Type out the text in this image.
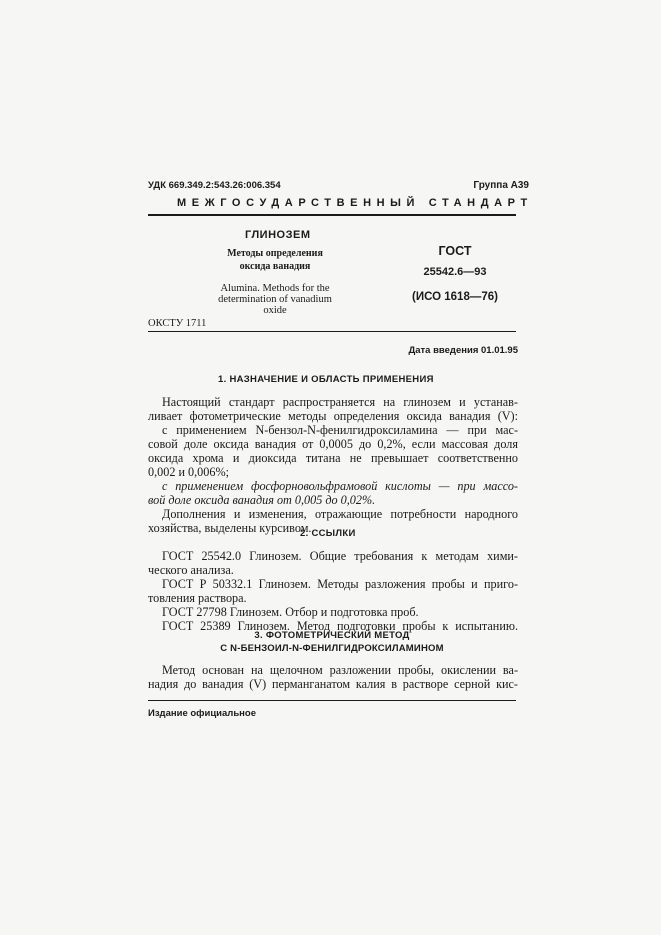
УДК 669.349.2:543.26:006.354	Группа А39
МЕЖГОСУДАРСТВЕННЫЙ СТАНДАРТ
ГЛИНОЗЕМ
Методы определения
оксида ванадия
Alumina. Methods for the
determination of vanadium
oxide
ГОСТ
25542.6—93
(ИСО 1618—76)
ОКСТУ 1711
Дата введения 01.01.95
1. НАЗНАЧЕНИЕ И ОБЛАСТЬ ПРИМЕНЕНИЯ
Настоящий стандарт распространяется на глинозем и устанав-
ливает фотометрические методы определения оксида ванадия (V):
с применением N-бензол-N-фенилгидроксиламина — при мас-
совой доле оксида ванадия от 0,0005 до 0,2%, если массовая доля
оксида хрома и диоксида титана не превышает соответственно
0,002 и 0,006%;
с применением фосфорновольфрамовой кислоты — при массо-
вой доле оксида ванадия от 0,005 до 0,02%.
Дополнения и изменения, отражающие потребности народного
хозяйства, выделены курсивом.
2. ССЫЛКИ
ГОСТ 25542.0 Глинозем. Общие требования к методам хими-
ческого анализа.
ГОСТ Р 50332.1 Глинозем. Методы разложения пробы и приго-
товления раствора.
ГОСТ 27798 Глинозем. Отбор и подготовка проб.
ГОСТ 25389 Глинозем. Метод подготовки пробы к испытанию.
3. ФОТОМЕТРИЧЕСКИЙ МЕТОД
С N-БЕНЗОИЛ-N-ФЕНИЛГИДРОКСИЛАМИНОМ
Метод основан на щелочном разложении пробы, окислении ва-
надия до ванадия (V) перманганатом калия в растворе серной кис-
Издание официальное
